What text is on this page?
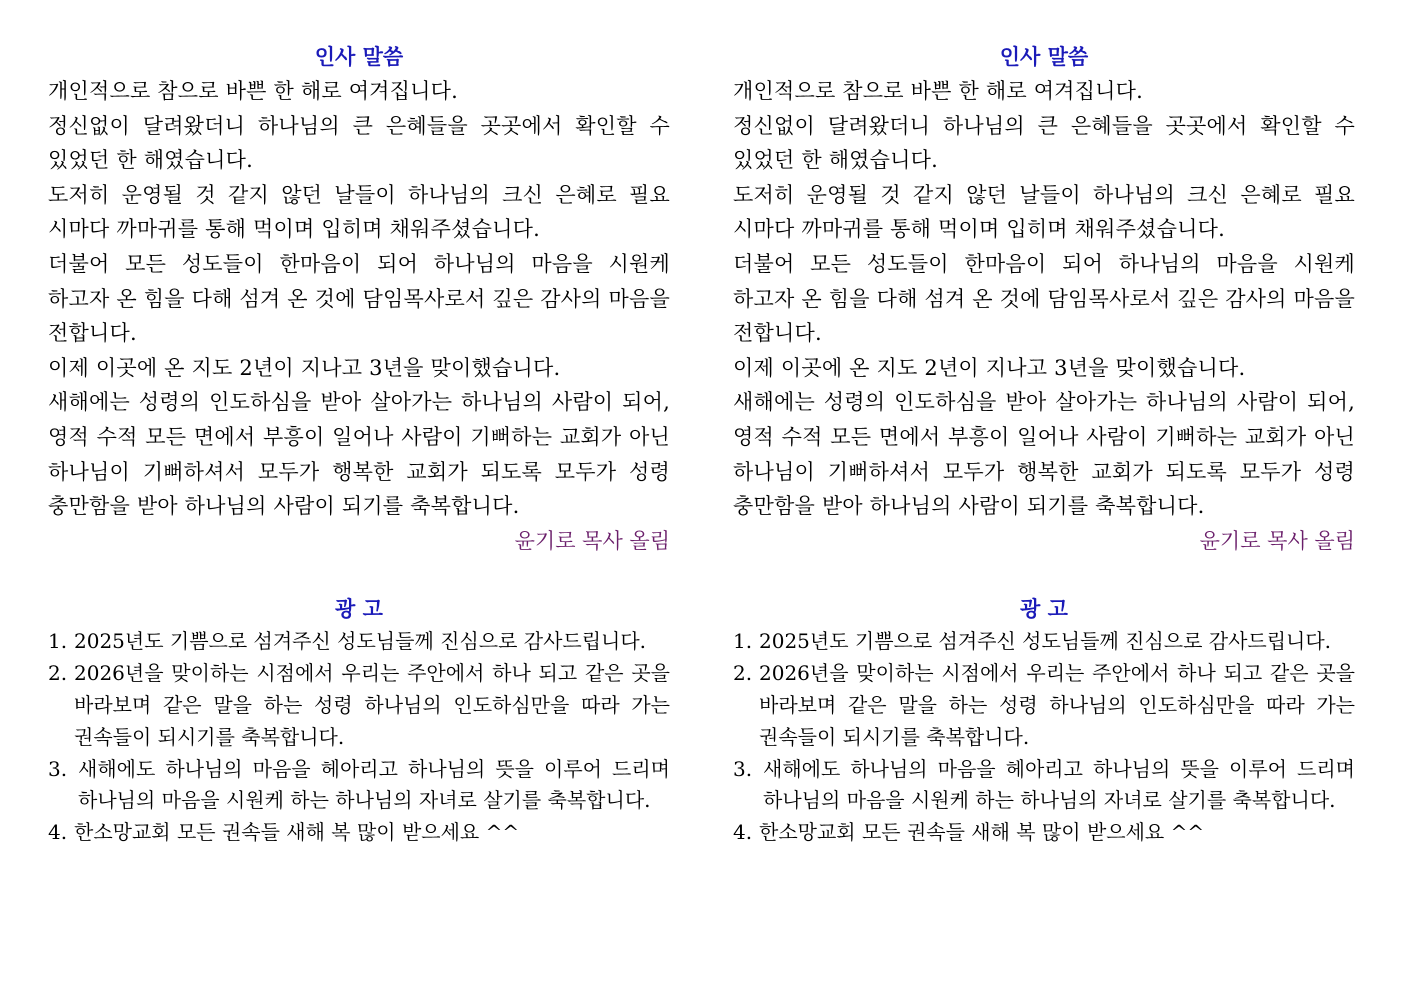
인사 말씀

개인적으로 참으로 바쁜 한 해로 여겨집니다.

정신없이 달려왔더니 하나님의 큰 은혜들을 곳곳에서 확인할 수 있었던 한 해였습니다.

도저히 운영될 것 같지 않던 날들이 하나님의 크신 은혜로 필요 시마다 까마귀를 통해 먹이며 입히며 채워주셨습니다.

더불어 모든 성도들이 한마음이 되어 하나님의 마음을 시원케 하고자 온 힘을 다해 섬겨 온 것에 담임목사로서 깊은 감사의 마음을 전합니다.

이제 이곳에 온 지도 2년이 지나고 3년을 맞이했습니다.

새해에는 성령의 인도하심을 받아 살아가는 하나님의 사람이 되어, 영적 수적 모든 면에서 부흥이 일어나 사람이 기뻐하는 교회가 아닌 하나님이 기뻐하셔서 모두가 행복한 교회가 되도록 모두가 성령 충만함을 받아 하나님의 사람이 되기를 축복합니다.

윤기로 목사 올림

광 고
1. 2025년도 기쁨으로 섬겨주신 성도님들께 진심으로 감사드립니다.
2. 2026년을 맞이하는 시점에서 우리는 주안에서 하나 되고 같은 곳을 바라보며 같은 말을 하는 성령 하나님의 인도하심만을 따라 가는 권속들이 되시기를 축복합니다.
3. 새해에도 하나님의 마음을 헤아리고 하나님의 뜻을 이루어 드리며 하나님의 마음을 시원케 하는 하나님의 자녀로 살기를 축복합니다.
4. 한소망교회 모든 권속들 새해 복 많이 받으세요 ^^
인사 말씀

개인적으로 참으로 바쁜 한 해로 여겨집니다.

정신없이 달려왔더니 하나님의 큰 은혜들을 곳곳에서 확인할 수 있었던 한 해였습니다.

도저히 운영될 것 같지 않던 날들이 하나님의 크신 은혜로 필요 시마다 까마귀를 통해 먹이며 입히며 채워주셨습니다.

더불어 모든 성도들이 한마음이 되어 하나님의 마음을 시원케 하고자 온 힘을 다해 섬겨 온 것에 담임목사로서 깊은 감사의 마음을 전합니다.

이제 이곳에 온 지도 2년이 지나고 3년을 맞이했습니다.

새해에는 성령의 인도하심을 받아 살아가는 하나님의 사람이 되어, 영적 수적 모든 면에서 부흥이 일어나 사람이 기뻐하는 교회가 아닌 하나님이 기뻐하셔서 모두가 행복한 교회가 되도록 모두가 성령 충만함을 받아 하나님의 사람이 되기를 축복합니다.

윤기로 목사 올림

광 고
1. 2025년도 기쁨으로 섬겨주신 성도님들께 진심으로 감사드립니다.
2. 2026년을 맞이하는 시점에서 우리는 주안에서 하나 되고 같은 곳을 바라보며 같은 말을 하는 성령 하나님의 인도하심만을 따라 가는 권속들이 되시기를 축복합니다.
3. 새해에도 하나님의 마음을 헤아리고 하나님의 뜻을 이루어 드리며 하나님의 마음을 시원케 하는 하나님의 자녀로 살기를 축복합니다.
4. 한소망교회 모든 권속들 새해 복 많이 받으세요 ^^
